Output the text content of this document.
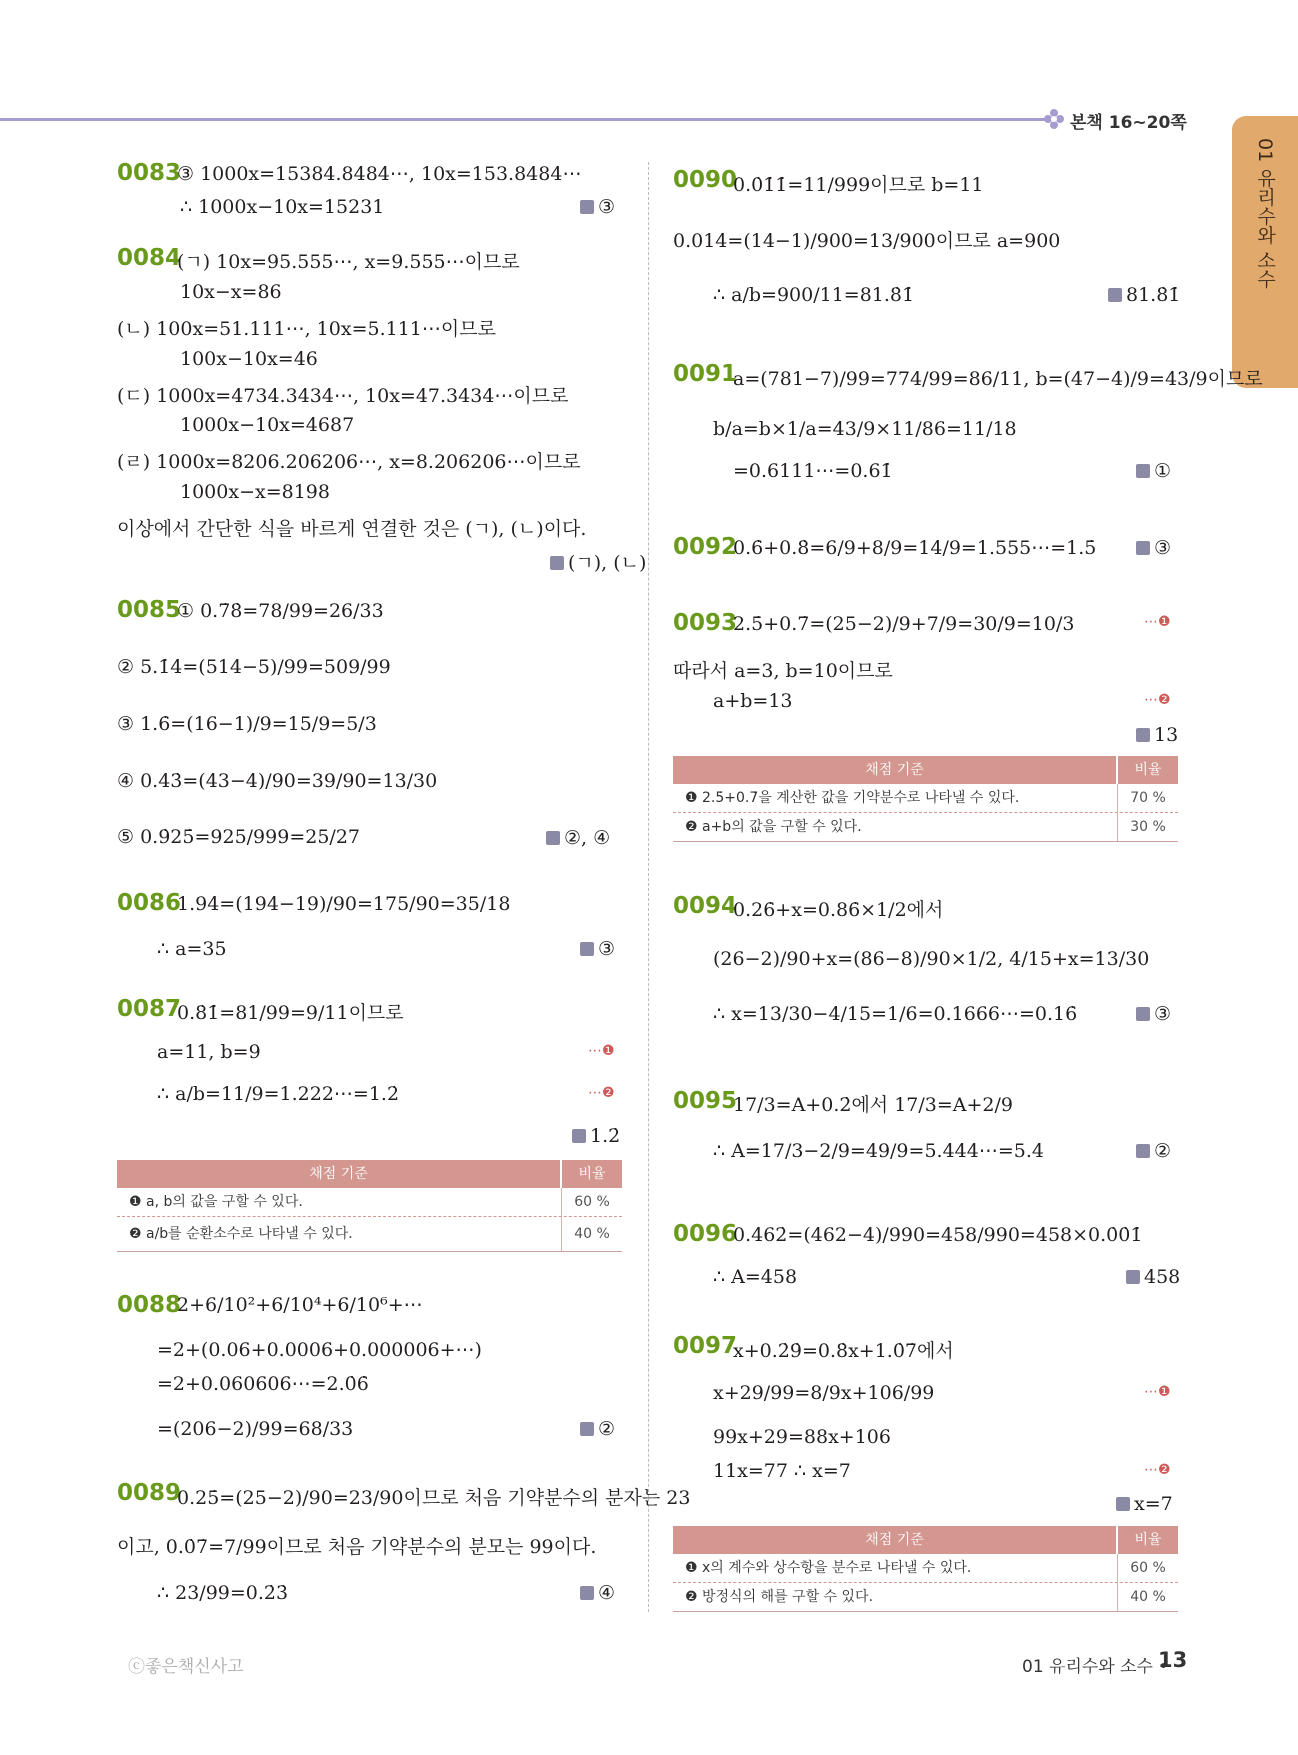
본책 16~20쪽
01 유리수와 소수
0083
③ 1000x=15384.8484⋯, 10x=153.8484⋯
∴ 1000x−10x=15231	③
0084
(ㄱ) 10x=95.555⋯, x=9.555⋯이므로
10x−x=86
(ㄴ) 100x=51.111⋯, 10x=5.111⋯이므로
100x−10x=46
(ㄷ) 1000x=4734.3434⋯, 10x=47.3434⋯이므로
1000x−10x=4687
(ㄹ) 1000x=8206.206206⋯, x=8.206206⋯이므로
1000x−x=8198
이상에서 간단한 식을 바르게 연결한 것은 (ㄱ), (ㄴ)이다.
(ㄱ), (ㄴ)
0085
① 0.7̇8̇=78/99=26/33
② 5.1̇4̇=(514−5)/99=509/99
③ 1.6̇=(16−1)/9=15/9=5/3
④ 0.43̇=(43−4)/90=39/90=13/30
⑤ 0.9̇25̇=925/999=25/27	②, ④
0086
1.94̇=(194−19)/90=175/90=35/18
∴ a=35	③
0087
0.8̇1̇=81/99=9/11이므로
a=11, b=9	⋯❶
∴ a/b=11/9=1.222⋯=1.2̇	⋯❷
1.2̇
채점 기준	비율
❶ a, b의 값을 구할 수 있다.	60 %
❷ a/b를 순환소수로 나타낼 수 있다.	40 %
0088
2+6/10²+6/10⁴+6/10⁶+⋯
=2+(0.06+0.0006+0.000006+⋯)
=2+0.060606⋯=2.0̇6̇
=(206−2)/99=68/33	②
0089
0.25̇=(25−2)/90=23/90이므로 처음 기약분수의 분자는 23
이고, 0.0̇7̇=7/99이므로 처음 기약분수의 분모는 99이다.
∴ 23/99=0.2̇3̇	④
0090
0.0̇1̇1̇=11/999이므로 b=11
0.014̇=(14−1)/900=13/900이므로 a=900
∴ a/b=900/11=81.8̇1̇	81.8̇1̇
0091
a=(781−7)/99=774/99=86/11, b=(47−4)/9=43/9이므로
b/a=b×1/a=43/9×11/86=11/18
=0.6111⋯=0.61̇	①
0092
0.6̇+0.8̇=6/9+8/9=14/9=1.555⋯=1.5̇	③
0093
2.5̇+0.7̇=(25−2)/9+7/9=30/9=10/3	⋯❶
따라서 a=3, b=10이므로
a+b=13	⋯❷
13
채점 기준	비율
❶ 2.5̇+0.7̇을 계산한 값을 기약분수로 나타낼 수 있다.	70 %
❷ a+b의 값을 구할 수 있다.	30 %
0094
0.26̇+x=0.86̇×1/2에서
(26−2)/90+x=(86−8)/90×1/2, 4/15+x=13/30
∴ x=13/30−4/15=1/6=0.1666⋯=0.16̇	③
0095
17/3=A+0.2̇에서 17/3=A+2/9
∴ A=17/3−2/9=49/9=5.444⋯=5.4̇	②
0096
0.4̇62̇=(462−4)/990=458/990=458×0.0̇0̇1̇
∴ A=458	458
0097
x+0.2̇9̇=0.8̇x+1.0̇7̇에서
x+29/99=8/9x+106/99	⋯❶
99x+29=88x+106
11x=77 ∴ x=7	⋯❷
x=7
채점 기준	비율
❶ x의 계수와 상수항을 분수로 나타낼 수 있다.	60 %
❷ 방정식의 해를 구할 수 있다.	40 %
ⓒ좋은책신사고	01 유리수와 소수 •
13
